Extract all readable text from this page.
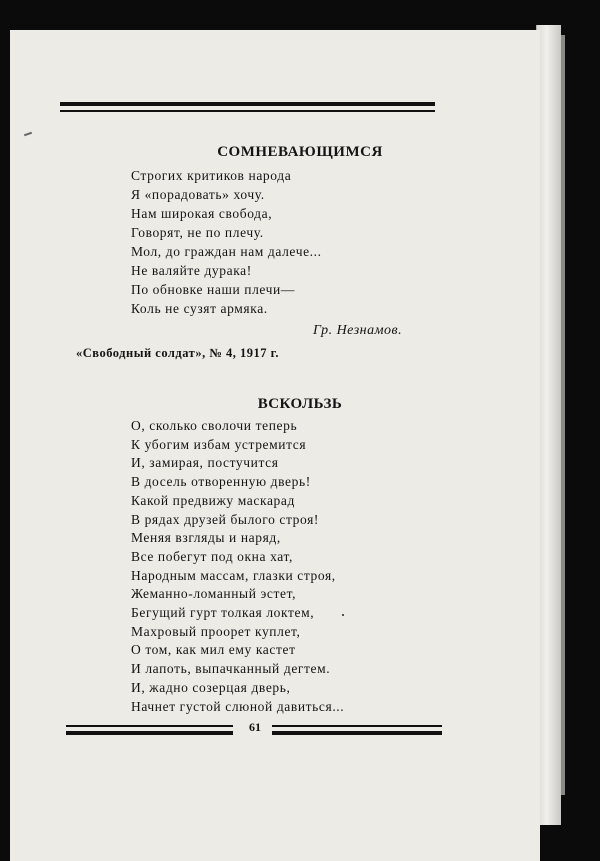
СОМНЕВАЮЩИМСЯ
Строгих критиков народа
Я «порадовать» хочу.
Нам широкая свобода,
Говорят, не по плечу.
Мол, до граждан нам далече...
Не валяйте дурака!
По обновке наши плечи—
Коль не сузят армяка.
Гр. Незнамов.
«Свободный солдат», № 4, 1917 г.
ВСКОЛЬЗЬ
О, сколько сволочи теперь
К убогим избам устремится
И, замирая, постучится
В досель отворенную дверь!
Какой предвижу маскарад
В рядах друзей былого строя!
Меняя взгляды и наряд,
Все побегут под окна хат,
Народным массам, глазки строя,
Жеманно-ломанный эстет,
Бегущий гурт толкая локтем,
Махровый проорет куплет,
О том, как мил ему кастет
И лапоть, выпачканный дегтем.
И, жадно созерцая дверь,
Начнет густой слюной давиться...
61
